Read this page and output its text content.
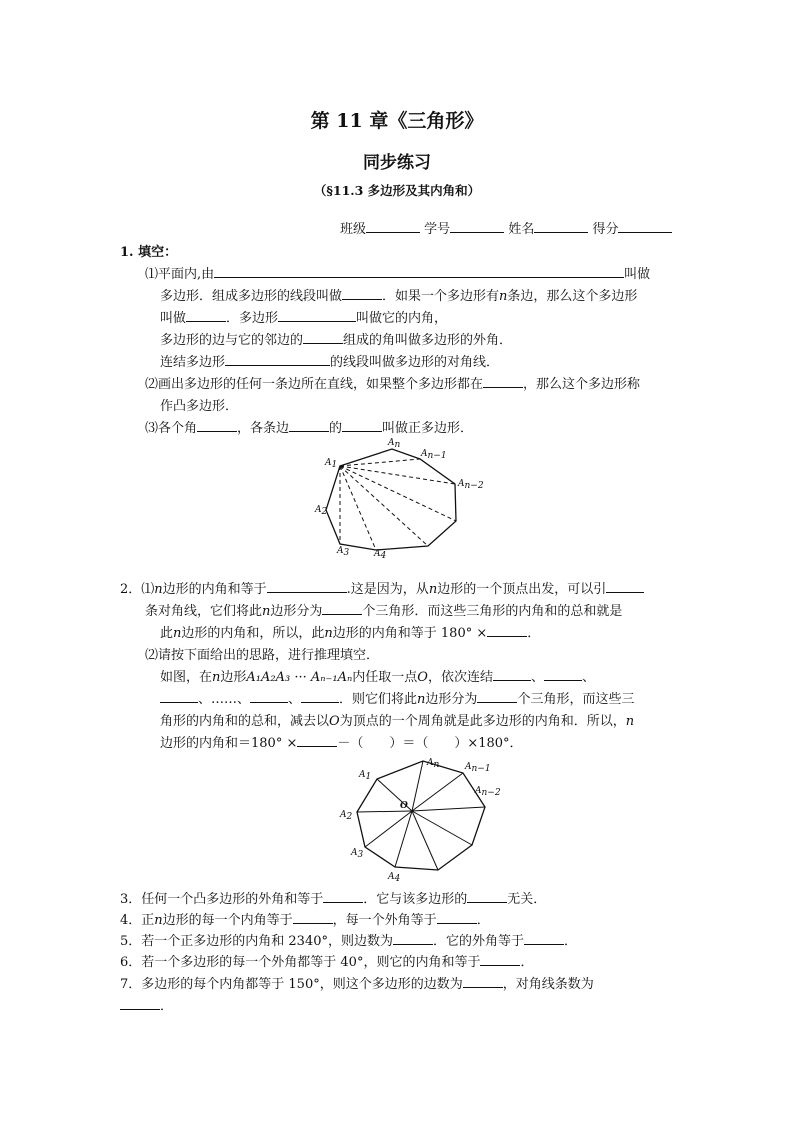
第 11 章《三角形》
同步练习
（§11.3 多边形及其内角和）
班级	学号	姓名	得分
1. 填空：
⑴平面内,由	叫做
多边形．组成多边形的线段叫做	．如果一个多边形有n条边，那么这个多边形
叫做	．多边形	叫做它的内角，
多边形的边与它的邻边的	组成的角叫做多边形的外角．
连结多边形	的线段叫做多边形的对角线．
⑵画出多边形的任何一条边所在直线，如果整个多边形都在	，那么这个多边形称
作凸多边形．
⑶各个角	，各条边	的	叫做正多边形．
An
An−1
An−2
A1
A2
A3	A4
2．⑴n边形的内角和等于	.这是因为，从n边形的一个顶点出发，可以引
条对角线，它们将此n边形分为	个三角形．而这些三角形的内角和的总和就是
此n边形的内角和，所以，此n边形的内角和等于 180° ×	．
⑵请按下面给出的思路，进行推理填空．
如图，在n边形A₁A₂A₃ ··· Aₙ₋₁Aₙ内任取一点O，依次连结	、	、
、……、	、	．则它们将此n边形分为	个三角形，而这些三
角形的内角和的总和，减去以O为顶点的一个周角就是此多边形的内角和．所以，n
边形的内角和＝180° ×	－（　　）＝（　　）×180°．
O
A1
A2
A3
A4
An	An−1
An−2
3．任何一个凸多边形的外角和等于	．它与该多边形的	无关．
4．正n边形的每一个内角等于	，每一个外角等于	．
5．若一个正多边形的内角和 2340°，则边数为	．它的外角等于	．
6．若一个多边形的每一个外角都等于 40°，则它的内角和等于	．
7．多边形的每个内角都等于 150°，则这个多边形的边数为	，对角线条数为
．
